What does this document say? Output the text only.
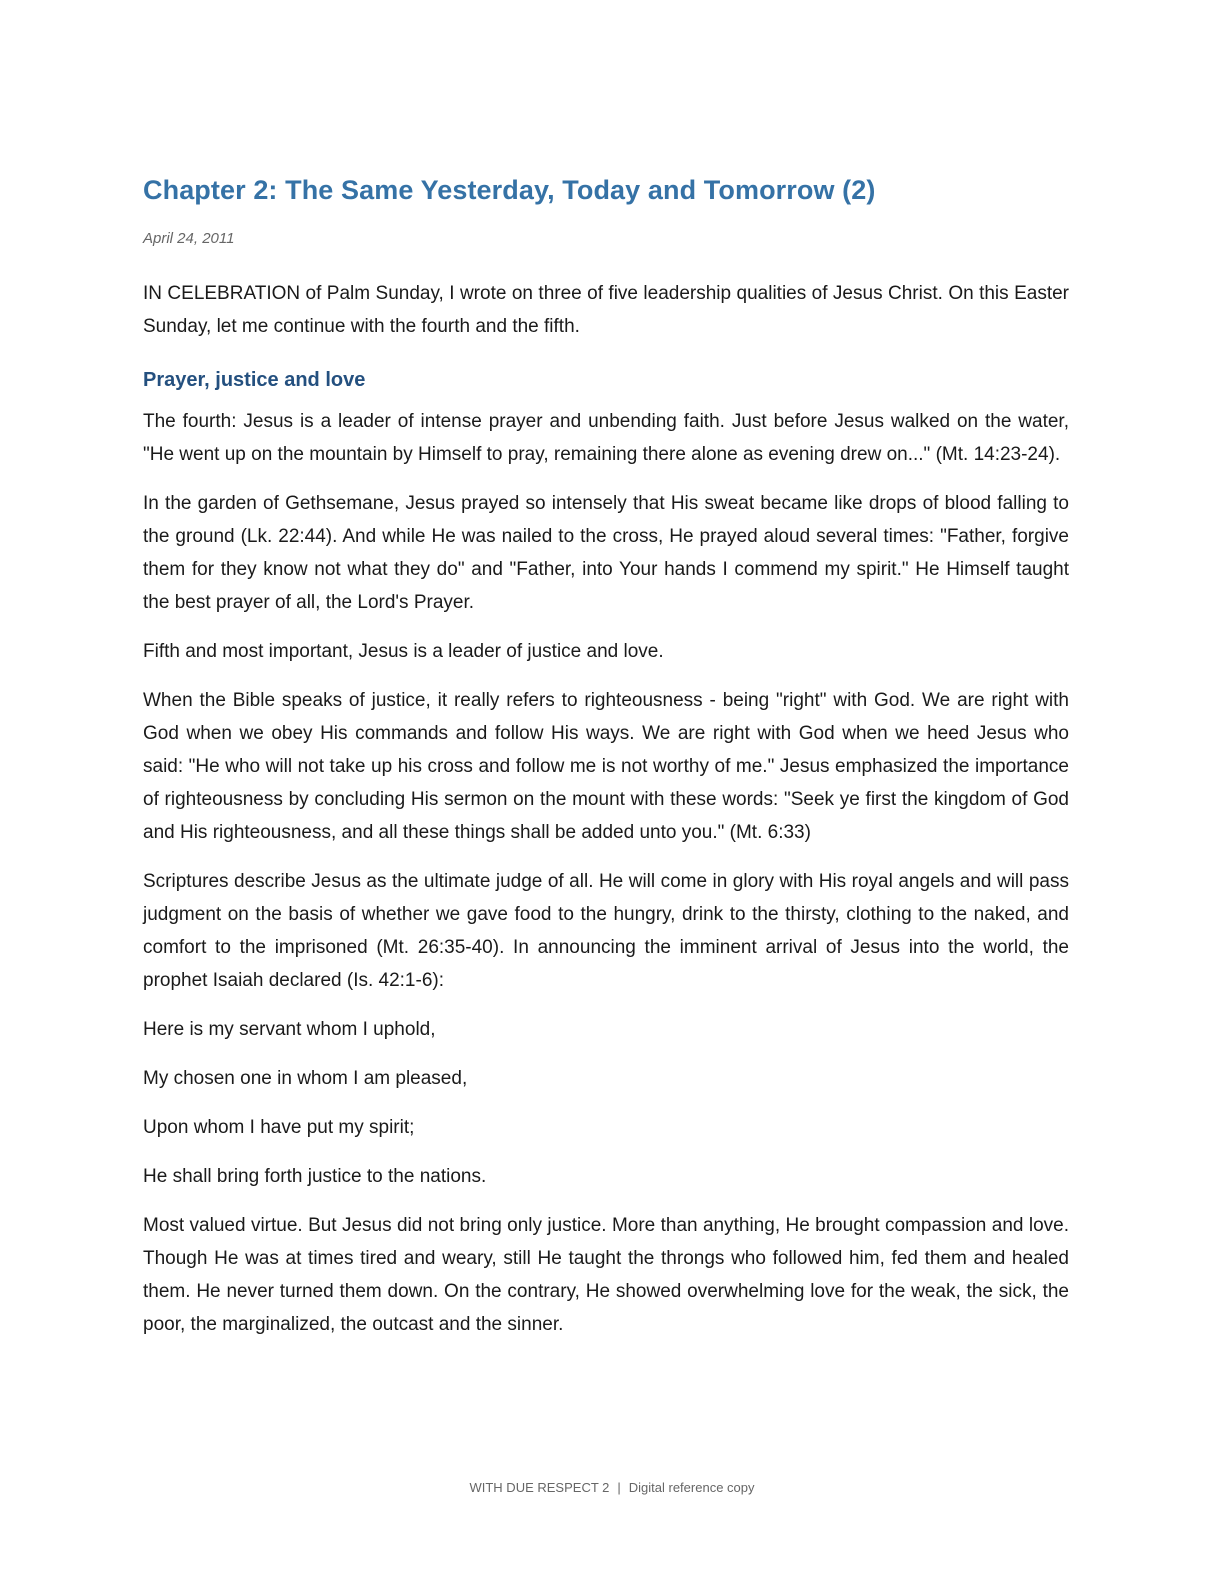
Chapter 2: The Same Yesterday, Today and Tomorrow (2)

April 24, 2011

IN CELEBRATION of Palm Sunday, I wrote on three of five leadership qualities of Jesus Christ. On this Easter Sunday, let me continue with the fourth and the fifth.

Prayer, justice and love

The fourth: Jesus is a leader of intense prayer and unbending faith. Just before Jesus walked on the water, "He went up on the mountain by Himself to pray, remaining there alone as evening drew on..." (Mt. 14:23-24).

In the garden of Gethsemane, Jesus prayed so intensely that His sweat became like drops of blood falling to the ground (Lk. 22:44). And while He was nailed to the cross, He prayed aloud several times: "Father, forgive them for they know not what they do" and "Father, into Your hands I commend my spirit." He Himself taught the best prayer of all, the Lord's Prayer.

Fifth and most important, Jesus is a leader of justice and love.

When the Bible speaks of justice, it really refers to righteousness - being "right" with God. We are right with God when we obey His commands and follow His ways. We are right with God when we heed Jesus who said: "He who will not take up his cross and follow me is not worthy of me." Jesus emphasized the importance of righteousness by concluding His sermon on the mount with these words: "Seek ye first the kingdom of God and His righteousness, and all these things shall be added unto you." (Mt. 6:33)

Scriptures describe Jesus as the ultimate judge of all. He will come in glory with His royal angels and will pass judgment on the basis of whether we gave food to the hungry, drink to the thirsty, clothing to the naked, and comfort to the imprisoned (Mt. 26:35-40). In announcing the imminent arrival of Jesus into the world, the prophet Isaiah declared (Is. 42:1-6):

Here is my servant whom I uphold,

My chosen one in whom I am pleased,

Upon whom I have put my spirit;

He shall bring forth justice to the nations.

Most valued virtue. But Jesus did not bring only justice. More than anything, He brought compassion and love. Though He was at times tired and weary, still He taught the throngs who followed him, fed them and healed them. He never turned them down. On the contrary, He showed overwhelming love for the weak, the sick, the poor, the marginalized, the outcast and the sinner.

WITH DUE RESPECT 2 | Digital reference copy
